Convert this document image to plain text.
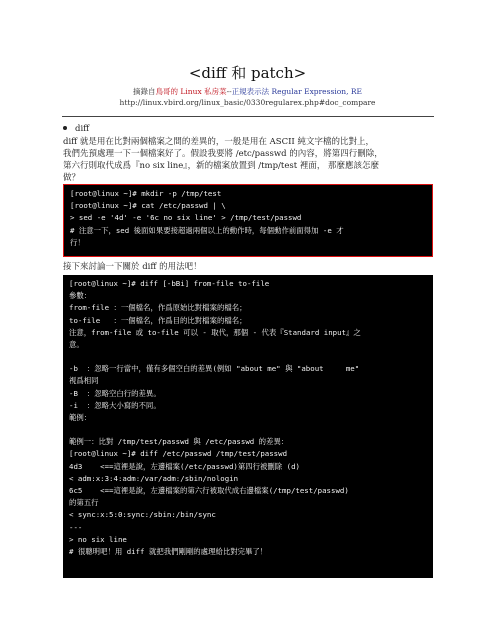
<diff 和 patch>
摘錄自鳥哥的 Linux 私房菜--正規表示法 Regular Expression, RE
http://linux.vbird.org/linux_basic/0330regularex.php#doc_compare
diff
diff 就是用在比對兩個檔案之間的差異的，一般是用在 ASCII 純文字檔的比對上，
我們先預處理一下一個檔案好了。假設我要將 /etc/passwd 的內容，將第四行刪除，
第六行則取代成爲『no six line』，新的檔案放置到 /tmp/test 裡面， 那麼應該怎麼
做？
[root@linux ~]# mkdir -p /tmp/test
[root@linux ~]# cat /etc/passwd | \
> sed -e '4d' -e '6c no six line' > /tmp/test/passwd
# 注意一下，sed 後面如果要接超過兩個以上的動作時，每個動作前面得加 -e 才
行！
接下來討論一下關於 diff 的用法吧！
[root@linux ~]# diff [-bBi] from-file to-file
參數：
from-file ：一個檔名，作爲原始比對檔案的檔名；
to-file   ：一個檔名，作爲目的比對檔案的檔名；
注意，from-file 或 to-file 可以 - 取代，那個 - 代表『Standard input』之
意。
-b  ：忽略一行當中，僅有多個空白的差異(例如 "about me" 與 "about     me"
視爲相同
-B  ：忽略空白行的差異。
-i  ：忽略大小寫的不同。
範例：
範例一：比對 /tmp/test/passwd 與 /etc/passwd 的差異：
[root@linux ~]# diff /etc/passwd /tmp/test/passwd
4d3    <==這裡是說，左邊檔案(/etc/passwd)第四行被刪除 (d)
< adm:x:3:4:adm:/var/adm:/sbin/nologin
6c5    <==這裡是說，左邊檔案的第六行被取代成右邊檔案(/tmp/test/passwd)
的第五行
< sync:x:5:0:sync:/sbin:/bin/sync
---
> no six line
# 很聰明吧！用 diff 就把我們剛剛的處理給比對完畢了！
